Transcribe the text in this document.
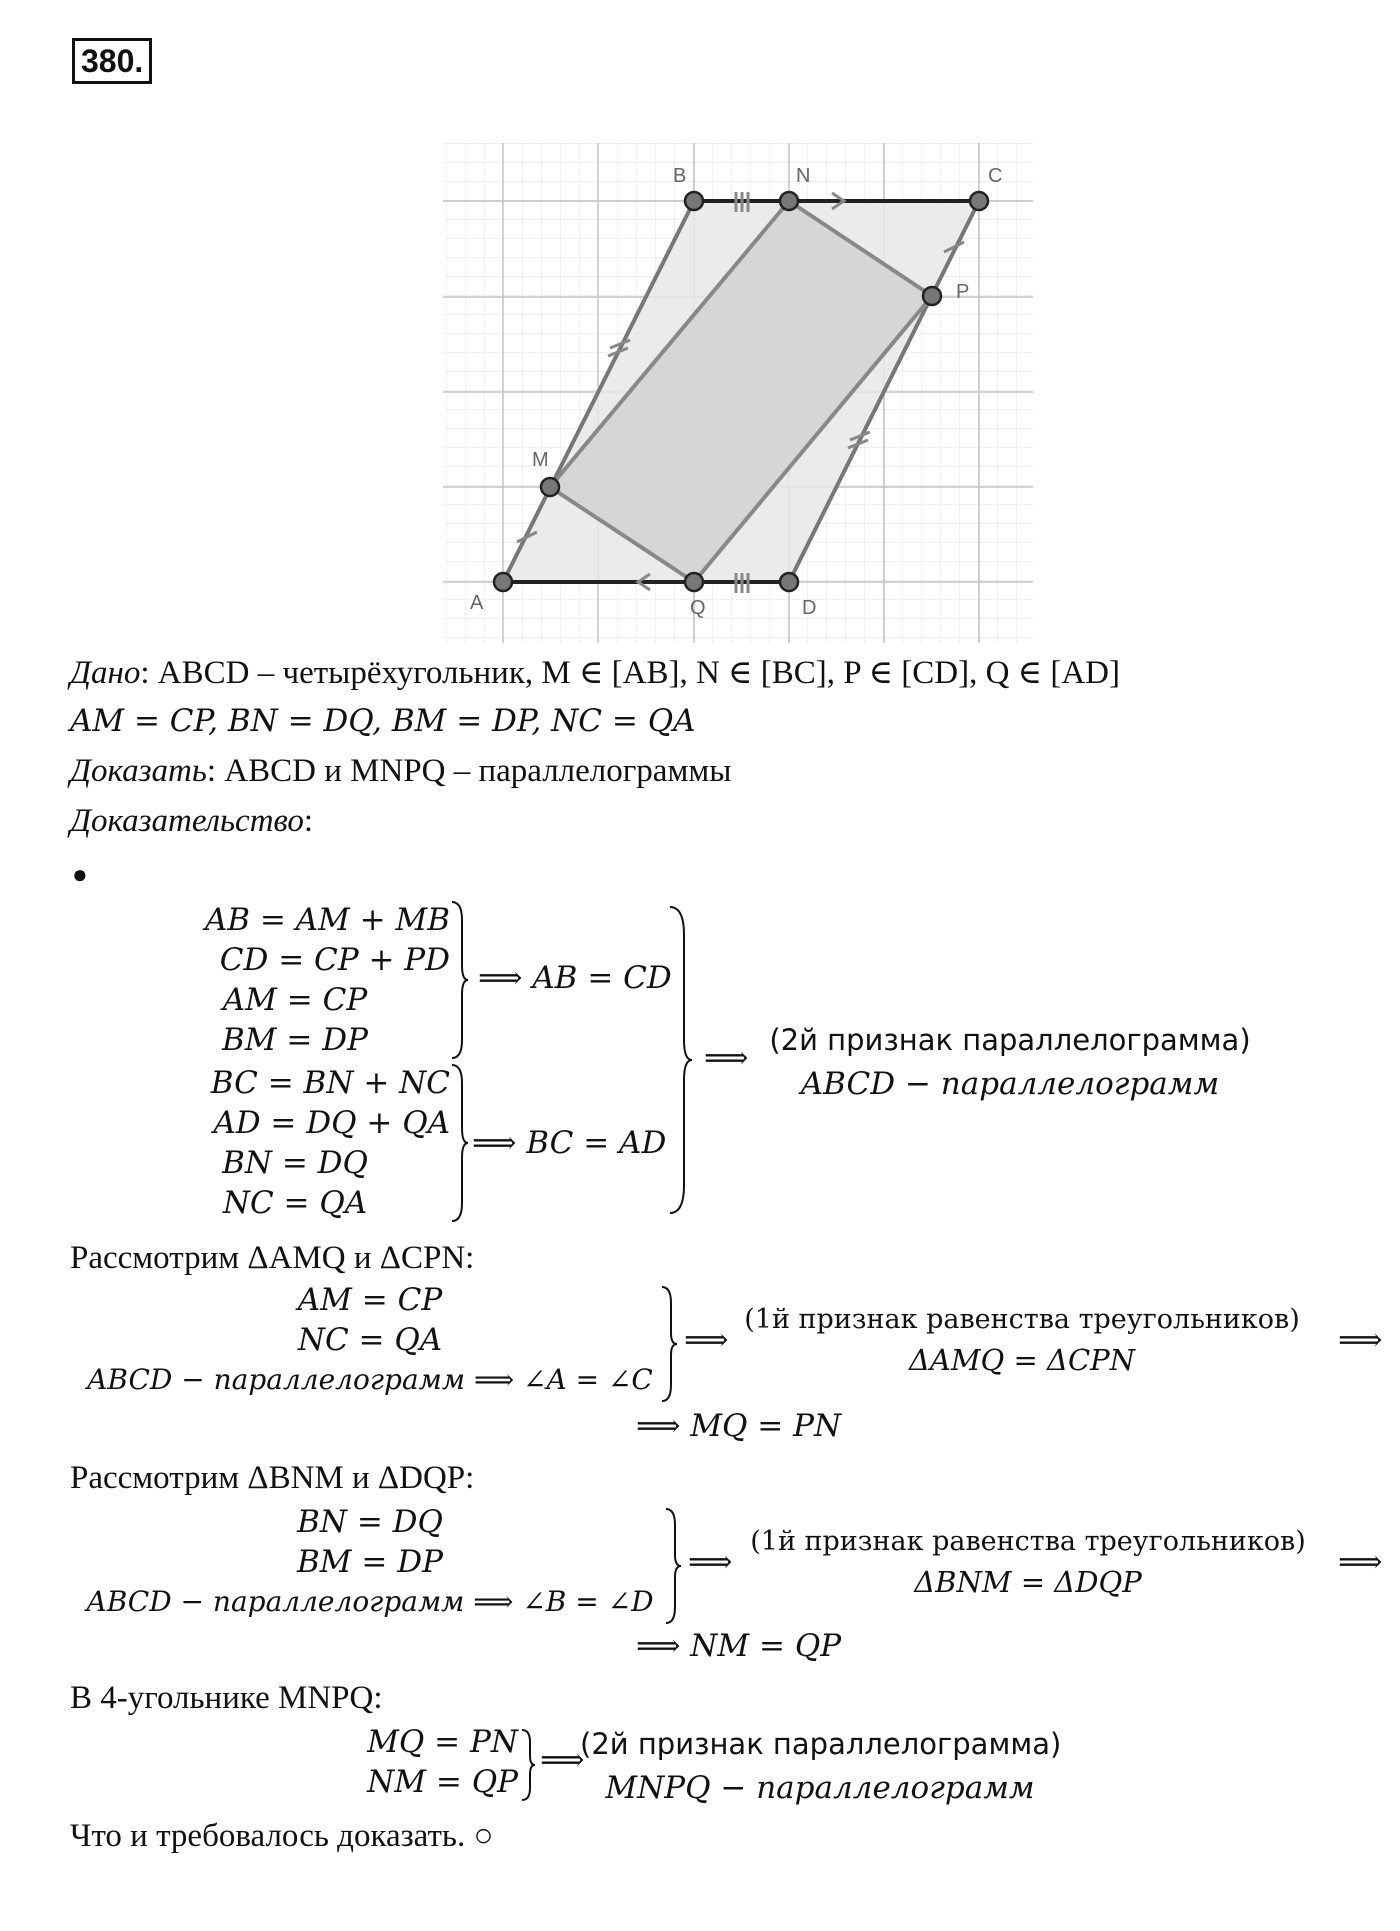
380.
A
B	C
D
M
N
P
Q
Дано: ABCD – четырёхугольник, M ∈ [AB], N ∈ [BC], P ∈ [CD], Q ∈ [AD]
AM = CP, BN = DQ, BM = DP, NC = QA
Доказать: ABCD и MNPQ – параллелограммы
Доказательство:
●
AB = AM + MB
CD = CP + PD
AM = CP
BM = DP
⟹ AB = CD
BC = BN + NC
AD = DQ + QA
BN = DQ
NC = QA
⟹ BC = AD
⟹ (2й признак параллелограмма)
ABCD − параллелограмм
Рассмотрим ΔAMQ и ΔCPN:
AM = CP
NC = QA
ABCD − параллелограмм ⟹ ∠A = ∠C
⟹
(1й признак равенства треугольников)
ΔAMQ = ΔCPN
⟹
⟹ MQ = PN
Рассмотрим ΔBNM и ΔDQP:
BN = DQ
BM = DP
ABCD − параллелограмм ⟹ ∠B = ∠D
⟹
(1й признак равенства треугольников)
ΔBNM = ΔDQP
⟹
⟹ NM = QP
В 4-угольнике MNPQ:
MQ = PN
NM = QP
⟹
(2й признак параллелограмма)
MNPQ − параллелограмм
Что и требовалось доказать. ○
